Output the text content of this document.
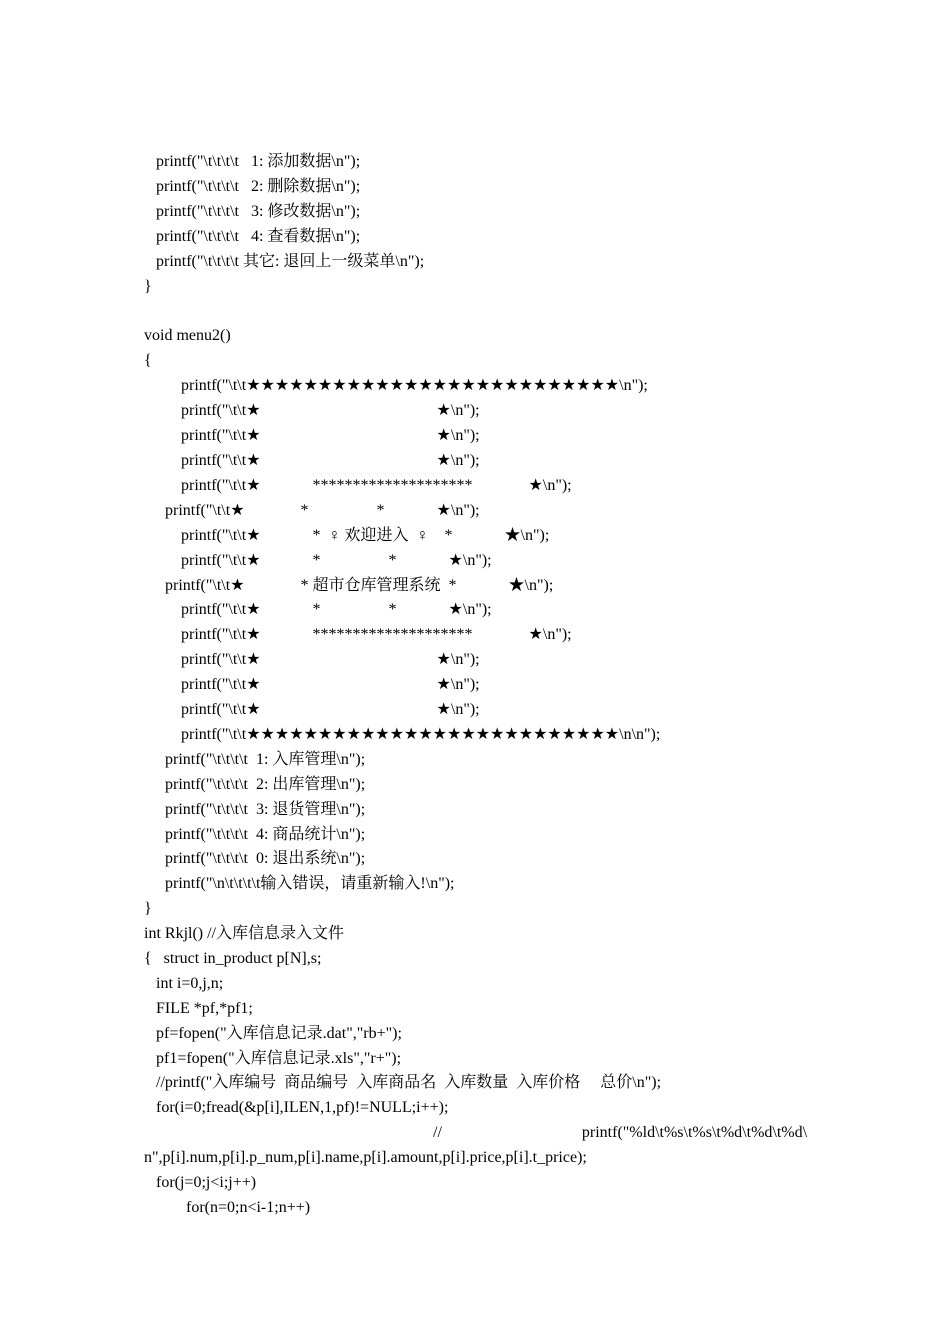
printf("\t\t\t\t   1: 添加数据\n");

printf("\t\t\t\t   2: 删除数据\n");

printf("\t\t\t\t   3: 修改数据\n");

printf("\t\t\t\t   4: 查看数据\n");

printf("\t\t\t\t 其它: 退回上一级菜单\n");

}

void menu2()

{

printf("\t\t★★★★★★★★★★★★★★★★★★★★★★★★★★\n");

printf("\t\t★                                            ★\n");

printf("\t\t★                                            ★\n");

printf("\t\t★                                            ★\n");

printf("\t\t★             ********************              ★\n");

printf("\t\t★              *                 *             ★\n");

printf("\t\t★             *  ♀ 欢迎进入  ♀    *             ★\n");

printf("\t\t★             *                 *             ★\n");

printf("\t\t★              * 超市仓库管理系统  *             ★\n");

printf("\t\t★             *                 *             ★\n");

printf("\t\t★             ********************              ★\n");

printf("\t\t★                                            ★\n");

printf("\t\t★                                            ★\n");

printf("\t\t★                                            ★\n");

printf("\t\t★★★★★★★★★★★★★★★★★★★★★★★★★★\n\n");

printf("\t\t\t\t  1: 入库管理\n");

printf("\t\t\t\t  2: 出库管理\n");

printf("\t\t\t\t  3: 退货管理\n");

printf("\t\t\t\t  4: 商品统计\n");

printf("\t\t\t\t  0: 退出系统\n");

printf("\n\t\t\t\t输入错误，请重新输入!\n");

}

int Rkjl() //入库信息录入文件

{   struct in_product p[N],s;

int i=0,j,n;

FILE *pf,*pf1;

pf=fopen("入库信息记录.dat","rb+");

pf1=fopen("入库信息记录.xls","r+");

//printf("入库编号  商品编号  入库商品名  入库数量  入库价格     总价\n");

for(i=0;fread(&p[i],ILEN,1,pf)!=NULL;i++);

//                                   printf("%ld\t%s\t%s\t%d\t%d\t%d\

n",p[i].num,p[i].p_num,p[i].name,p[i].amount,p[i].price,p[i].t_price);

for(j=0;j<i;j++)

for(n=0;n<i-1;n++)
